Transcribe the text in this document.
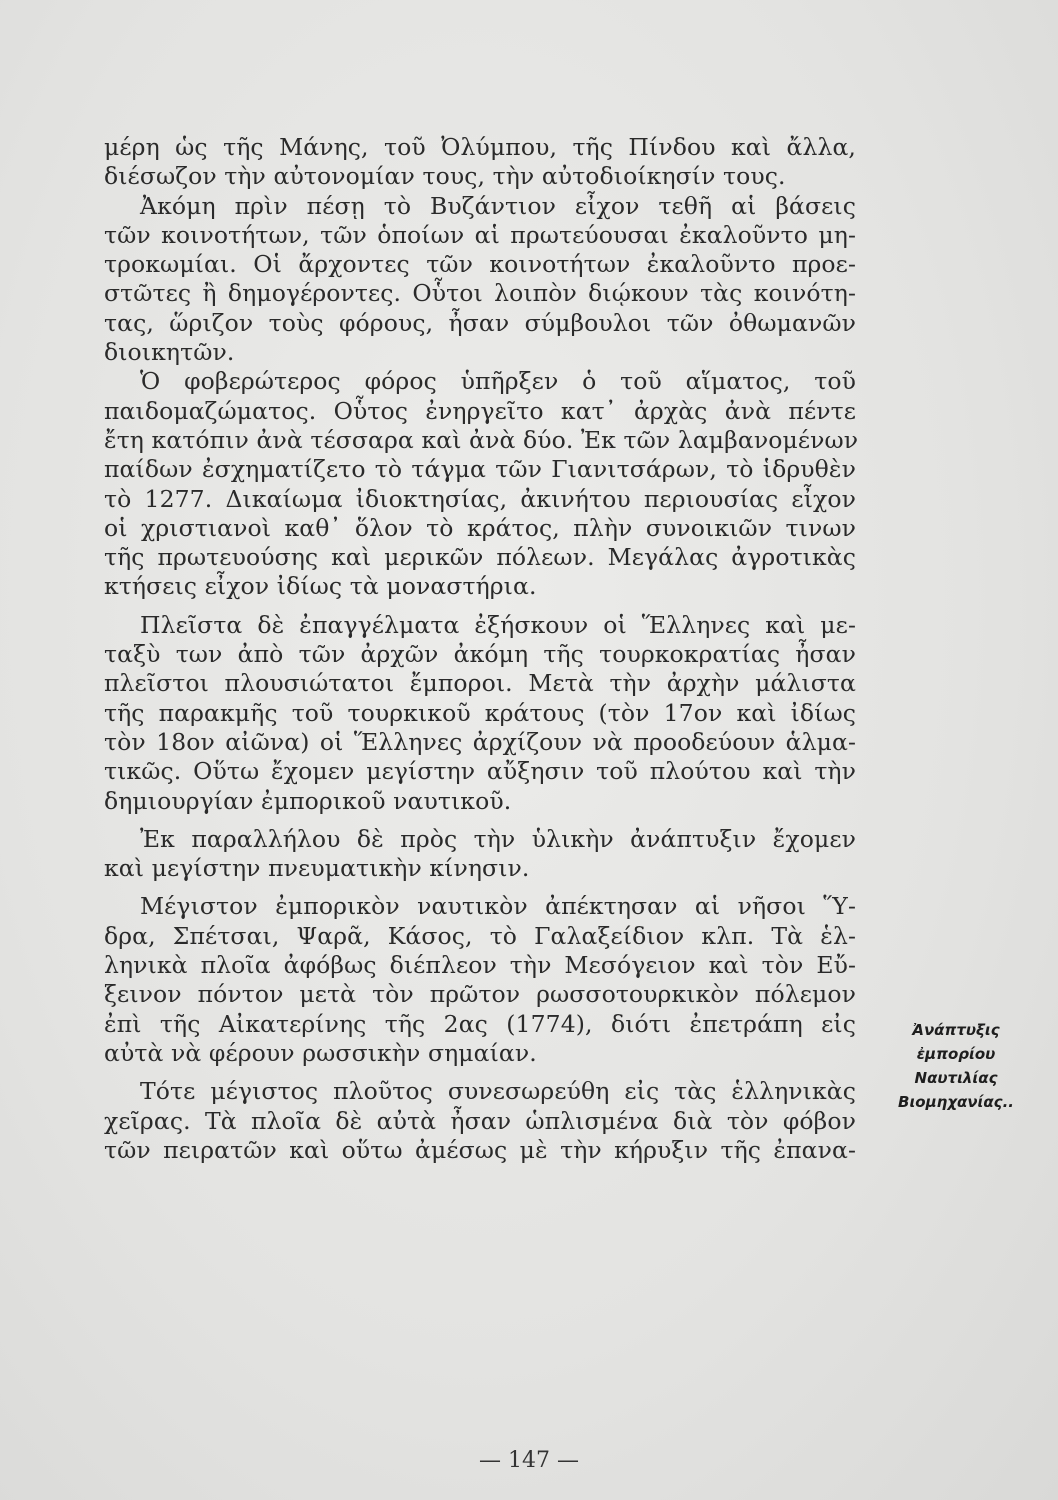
μέρη ὡς τῆς Μάνης, τοῦ Ὀλύμπου, τῆς Πίνδου καὶ ἄλλα,
διέσωζον τὴν αὐτονομίαν τους, τὴν αὐτοδιοίκησίν τους.
Ἀκόμη πρὶν πέσῃ τὸ Βυζάντιον εἶχον τεθῆ αἱ βάσεις
τῶν κοινοτήτων, τῶν ὁποίων αἱ πρωτεύουσαι ἐκαλοῦντο μη-
τροκωμίαι. Οἱ ἄρχοντες τῶν κοινοτήτων ἐκαλοῦντο προε-
στῶτες ἢ δημογέροντες. Οὗτοι λοιπὸν διῴκουν τὰς κοινότη-
τας, ὥριζον τοὺς φόρους, ἦσαν σύμβουλοι τῶν ὀθωμανῶν
διοικητῶν.
Ὁ φοβερώτερος φόρος ὑπῆρξεν ὁ τοῦ αἵματος, τοῦ
παιδομαζώματος. Οὗτος ἐνηργεῖτο κατ᾽ ἀρχὰς ἀνὰ πέντε
ἔτη κατόπιν ἀνὰ τέσσαρα καὶ ἀνὰ δύο. Ἐκ τῶν λαμβανομένων
παίδων ἐσχηματίζετο τὸ τάγμα τῶν Γιανιτσάρων, τὸ ἱδρυθὲν
τὸ 1277. Δικαίωμα ἰδιοκτησίας, ἀκινήτου περιουσίας εἶχον
οἱ χριστιανοὶ καθ᾽ ὅλον τὸ κράτος, πλὴν συνοικιῶν τινων
τῆς πρωτευούσης καὶ μερικῶν πόλεων. Μεγάλας ἀγροτικὰς
κτήσεις εἶχον ἰδίως τὰ μοναστήρια.
Πλεῖστα δὲ ἐπαγγέλματα ἐξήσκουν οἱ Ἕλληνες καὶ με-
ταξὺ των ἀπὸ τῶν ἀρχῶν ἀκόμη τῆς τουρκοκρατίας ἦσαν
πλεῖστοι πλουσιώτατοι ἔμποροι. Μετὰ τὴν ἀρχὴν μάλιστα
τῆς παρακμῆς τοῦ τουρκικοῦ κράτους (τὸν 17ον καὶ ἰδίως
τὸν 18ον αἰῶνα) οἱ Ἕλληνες ἀρχίζουν νὰ προοδεύουν ἁλμα-
τικῶς. Οὕτω ἔχομεν μεγίστην αὔξησιν τοῦ πλούτου καὶ τὴν
δημιουργίαν ἐμπορικοῦ ναυτικοῦ.
Ἐκ παραλλήλου δὲ πρὸς τὴν ὑλικὴν ἀνάπτυξιν ἔχομεν
καὶ μεγίστην πνευματικὴν κίνησιν.
Μέγιστον ἐμπορικὸν ναυτικὸν ἀπέκτησαν αἱ νῆσοι Ὕ-
δρα, Σπέτσαι, Ψαρᾶ, Κάσος, τὸ Γαλαξείδιον κλπ. Τὰ ἑλ-
ληνικὰ πλοῖα ἀφόβως διέπλεον τὴν Μεσόγειον καὶ τὸν Εὔ-
ξεινον πόντον μετὰ τὸν πρῶτον ρωσσοτουρκικὸν πόλεμον
ἐπὶ τῆς Αἰκατερίνης τῆς 2ας (1774), διότι ἐπετράπη εἰς
αὐτὰ νὰ φέρουν ρωσσικὴν σημαίαν.
Τότε μέγιστος πλοῦτος συνεσωρεύθη εἰς τὰς ἑλληνικὰς
χεῖρας. Τὰ πλοῖα δὲ αὐτὰ ἦσαν ὡπλισμένα διὰ τὸν φόβον
τῶν πειρατῶν καὶ οὕτω ἀμέσως μὲ τὴν κήρυξιν τῆς ἐπανα-
Ἀνάπτυξις
ἐμπορίου
Ναυτιλίας
Βιομηχανίας..
— 147 —
